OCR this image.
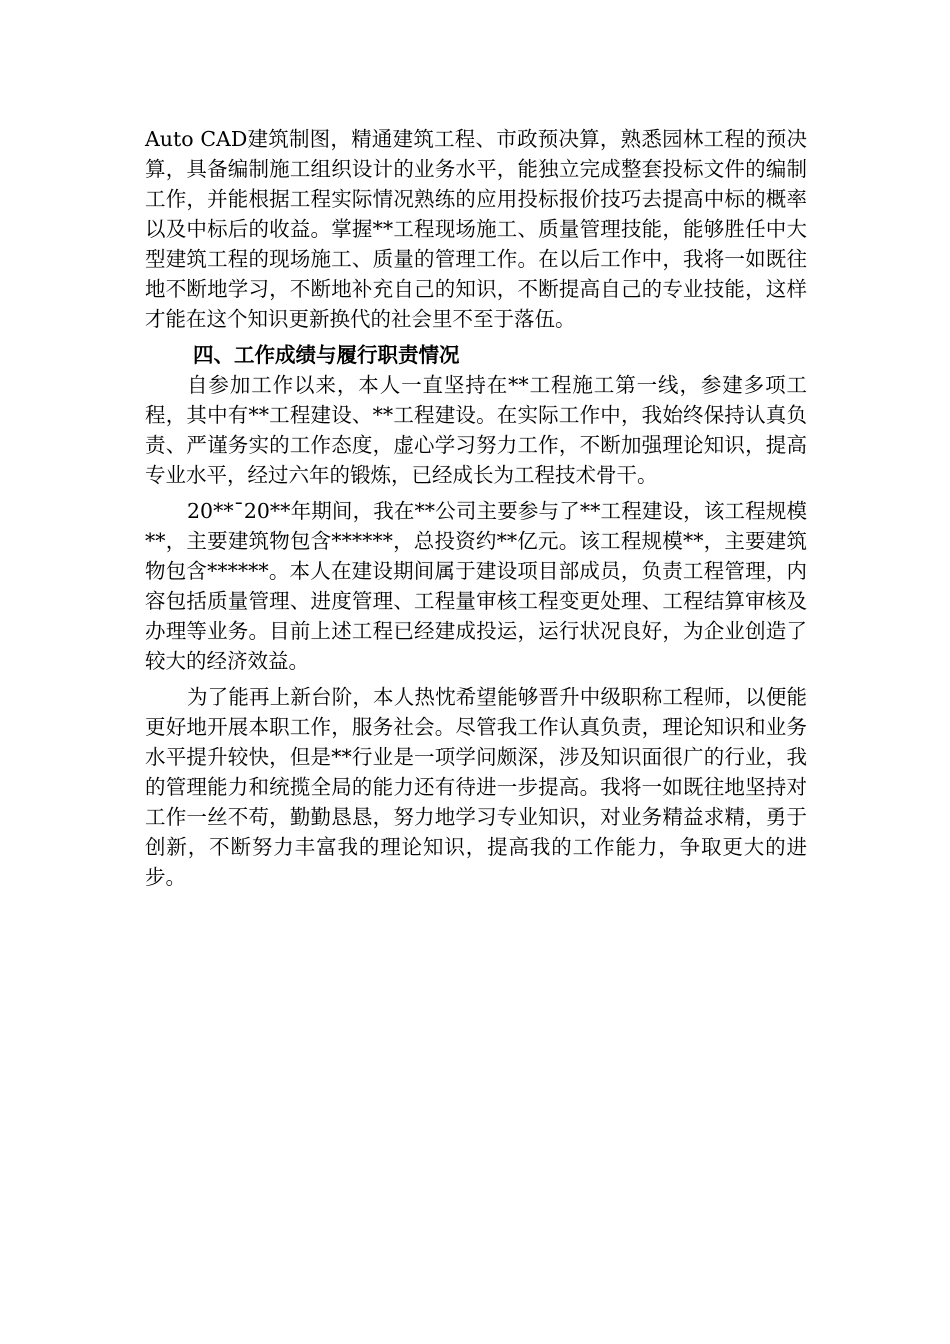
Auto CAD建筑制图，精通建筑工程、市政预决算，熟悉园林工程的预决算，具备编制施工组织设计的业务水平，能独立完成整套投标文件的编制工作，并能根据工程实际情况熟练的应用投标报价技巧去提高中标的概率以及中标后的收益。掌握**工程现场施工、质量管理技能，能够胜任中大型建筑工程的现场施工、质量的管理工作。在以后工作中，我将一如既往地不断地学习，不断地补充自己的知识，不断提高自己的专业技能，这样才能在这个知识更新换代的社会里不至于落伍。

四、工作成绩与履行职责情况

自参加工作以来，本人一直坚持在**工程施工第一线，参建多项工程，其中有**工程建设、**工程建设。在实际工作中，我始终保持认真负责、严谨务实的工作态度，虚心学习努力工作，不断加强理论知识，提高专业水平，经过六年的锻炼，已经成长为工程技术骨干。

20**¯20**年期间，我在**公司主要参与了**工程建设，该工程规模**，主要建筑物包含******，总投资约**亿元。该工程规模**，主要建筑物包含******。本人在建设期间属于建设项目部成员，负责工程管理，内容包括质量管理、进度管理、工程量审核工程变更处理、工程结算审核及办理等业务。目前上述工程已经建成投运，运行状况良好，为企业创造了较大的经济效益。

为了能再上新台阶，本人热忱希望能够晋升中级职称工程师，以便能更好地开展本职工作，服务社会。尽管我工作认真负责，理论知识和业务水平提升较快，但是**行业是一项学问颇深，涉及知识面很广的行业，我的管理能力和统揽全局的能力还有待进一步提高。我将一如既往地坚持对工作一丝不苟，勤勤恳恳，努力地学习专业知识，对业务精益求精，勇于创新，不断努力丰富我的理论知识，提高我的工作能力，争取更大的进步。
